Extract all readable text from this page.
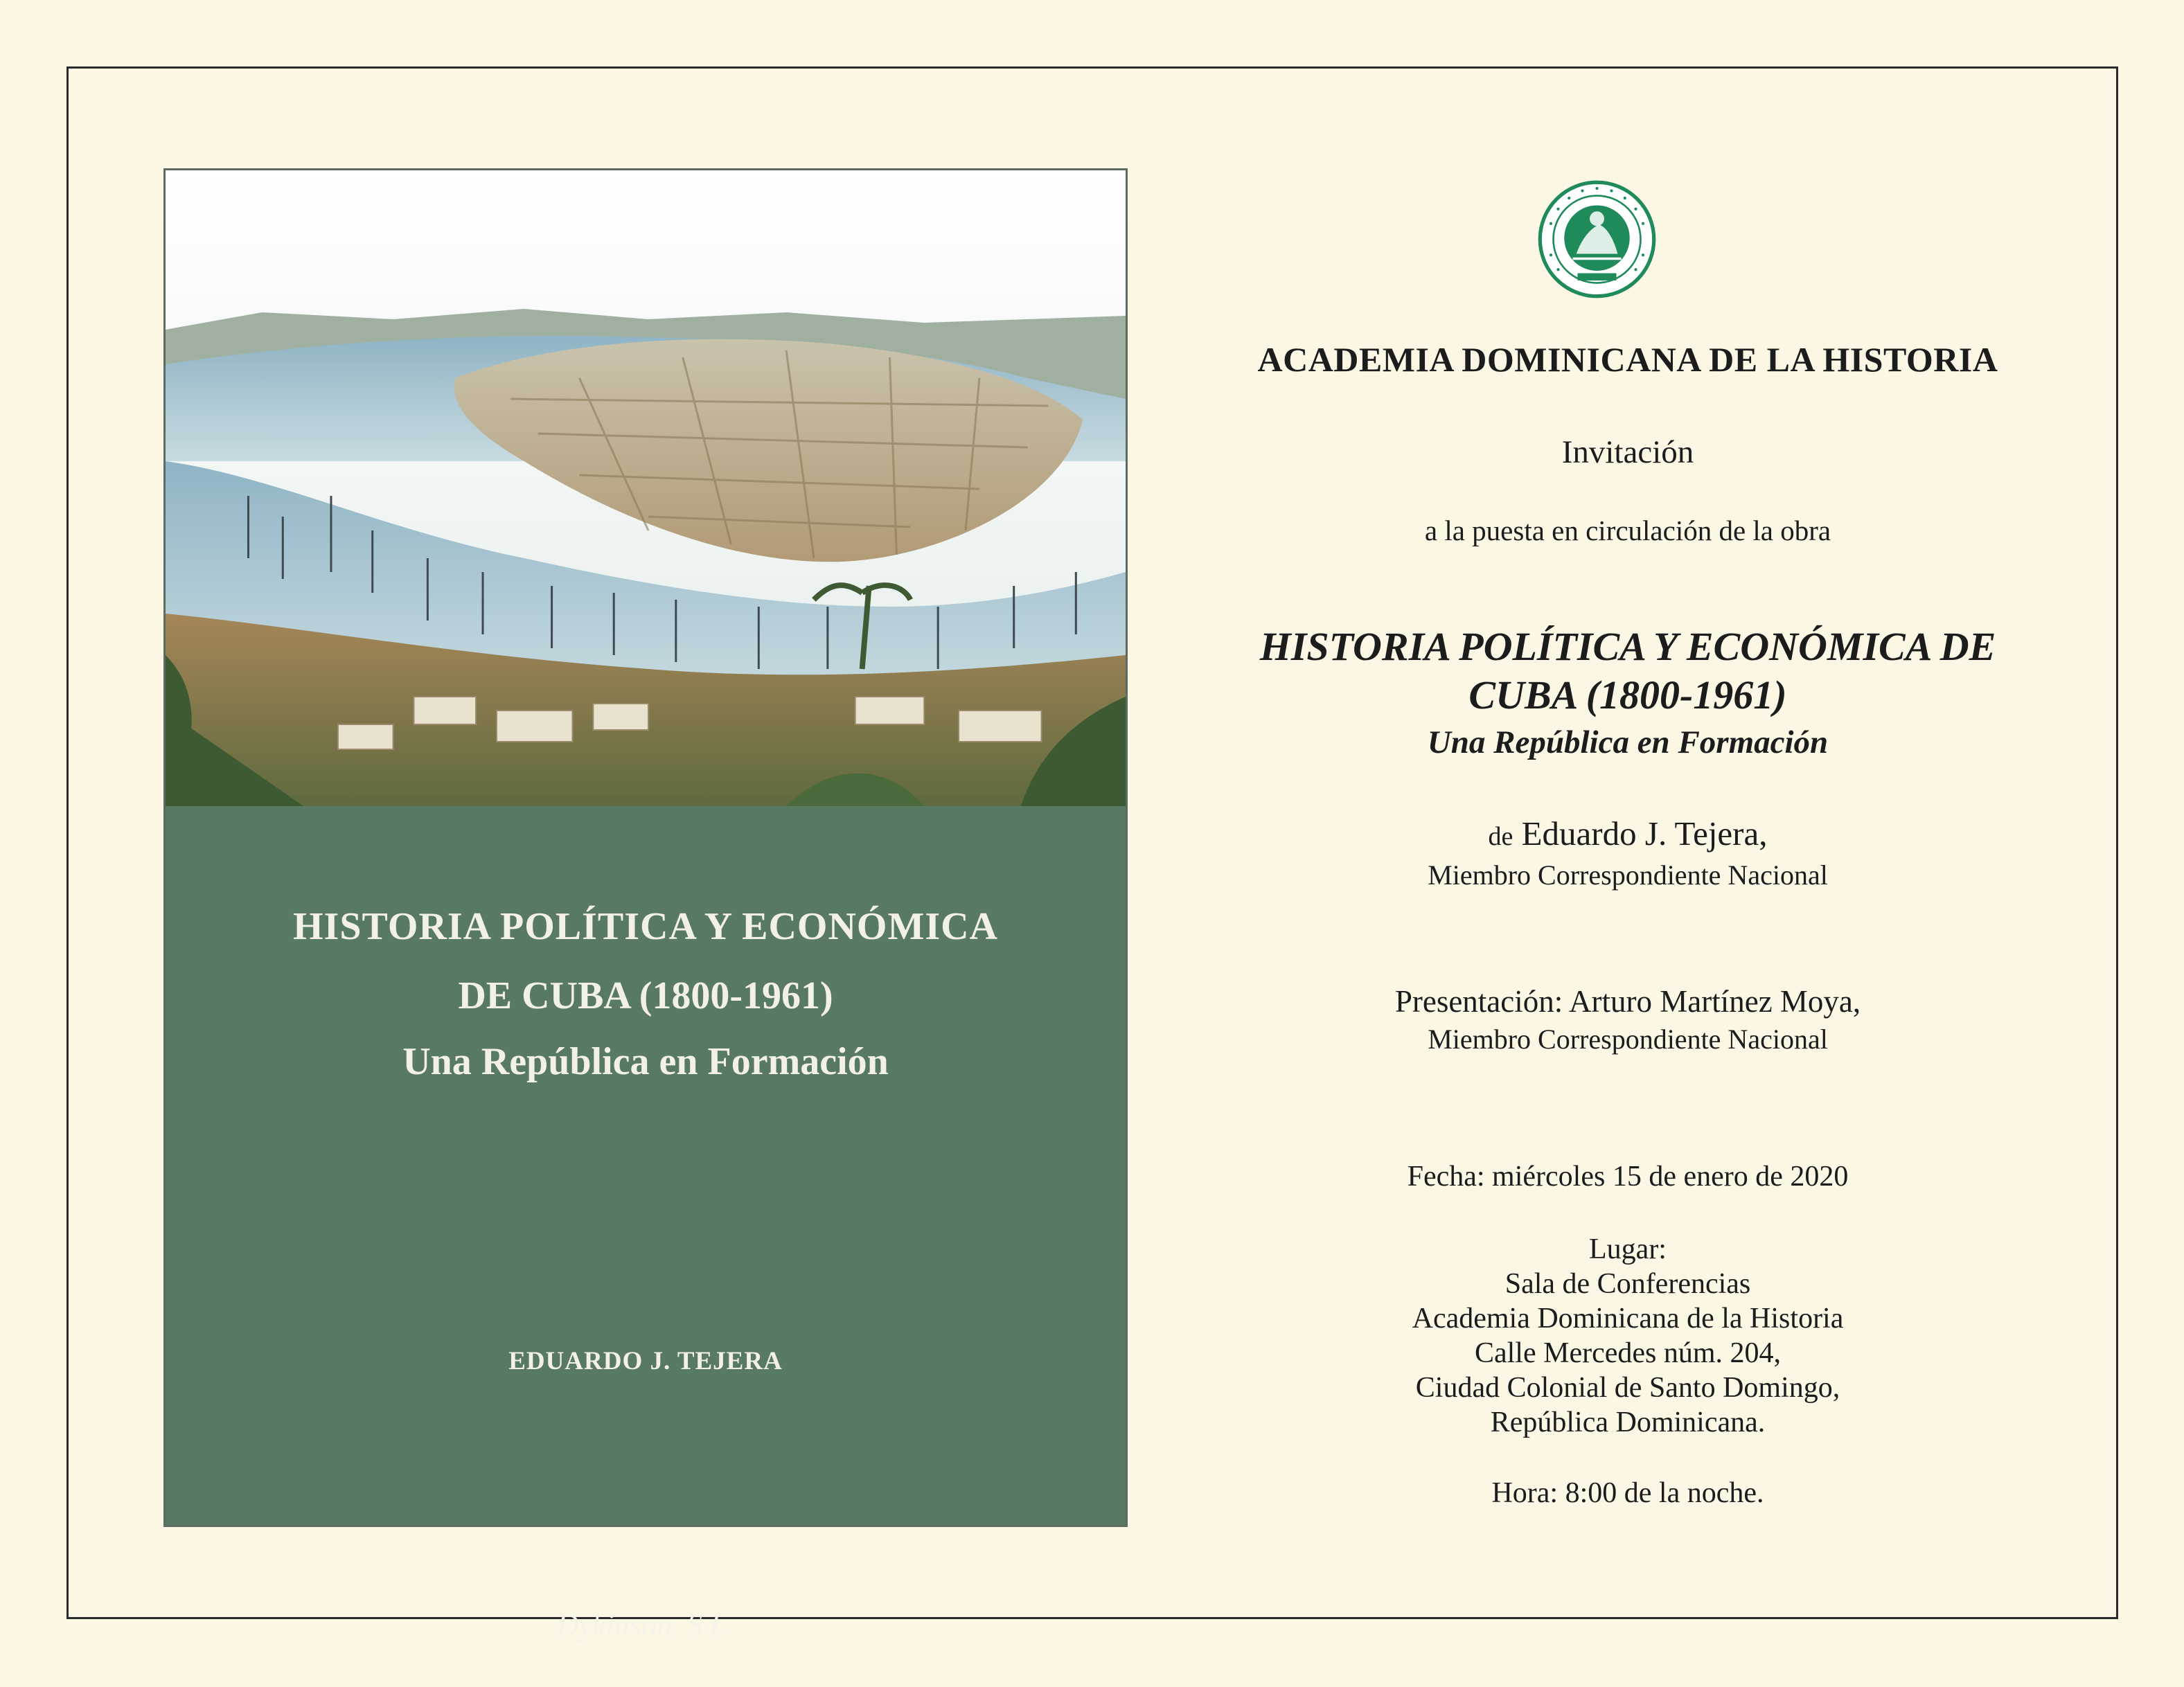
HISTORIA POLÍTICA Y ECONÓMICA
DE CUBA (1800-1961)
Una República en Formación
EDUARDO J. TEJERA
Dykinson, S.L.
ACADEMIA DOMINICANA DE LA HISTORIA
Invitación
a la puesta en circulación de la obra
HISTORIA POLÍTICA Y ECONÓMICA DE
CUBA (1800-1961)
Una República en Formación
de Eduardo J. Tejera,
Miembro Correspondiente Nacional
Presentación: Arturo Martínez Moya,
Miembro Correspondiente Nacional
Fecha: miércoles 15 de enero de 2020
Lugar:
Sala de Conferencias
Academia Dominicana de la Historia
Calle Mercedes núm. 204,
Ciudad Colonial de Santo Domingo,
República Dominicana.
Hora: 8:00 de la noche.
